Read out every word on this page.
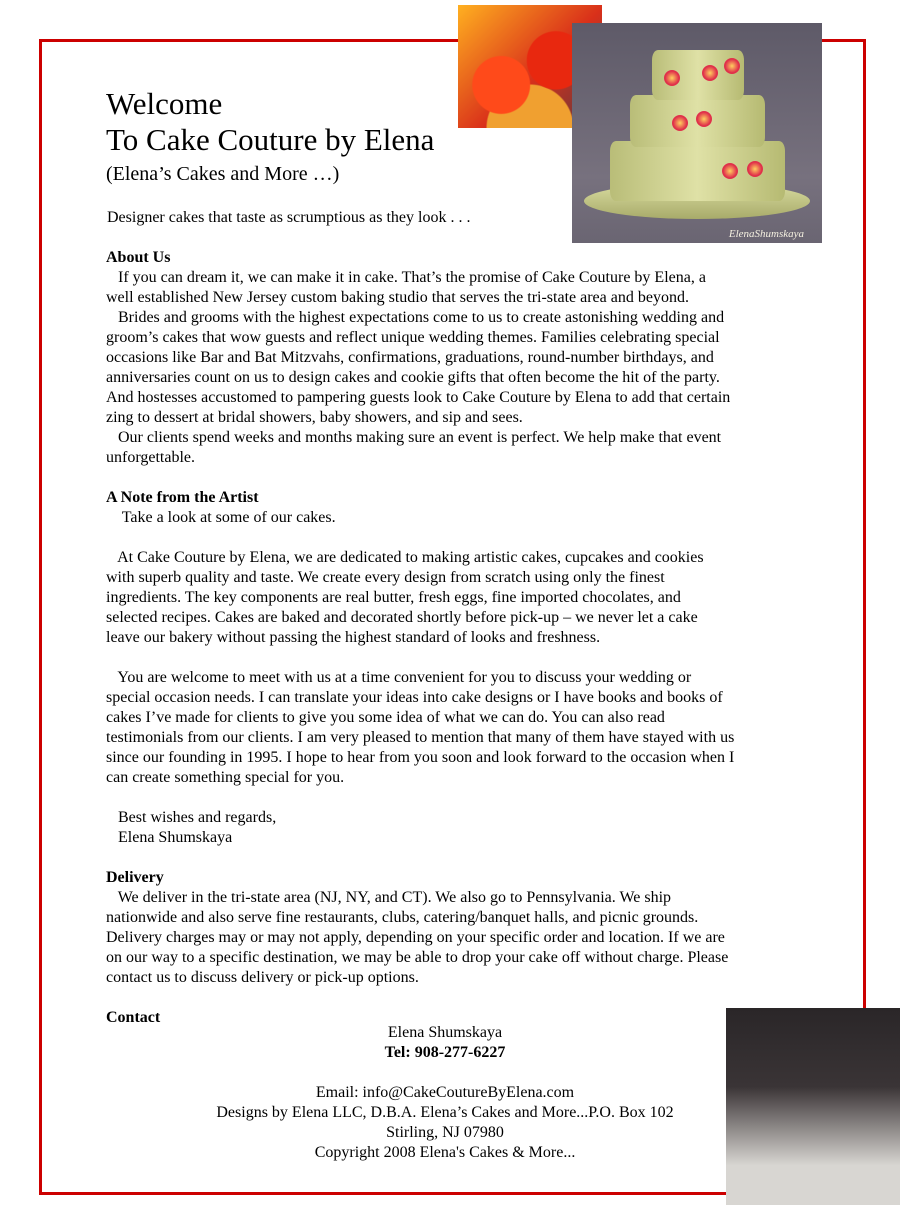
ElenaShumskaya
Welcome
To Cake Couture by Elena
(Elena’s Cakes and More …)
Designer cakes that taste as scrumptious as they look . . .
About Us
If you can dream it, we can make it in cake. That’s the promise of Cake Couture by Elena, a
well established New Jersey custom baking studio that serves the tri-state area and beyond.
Brides and grooms with the highest expectations come to us to create astonishing wedding and
groom’s cakes that wow guests and reflect unique wedding themes. Families celebrating special
occasions like Bar and Bat Mitzvahs, confirmations, graduations, round-number birthdays, and
anniversaries count on us to design cakes and cookie gifts that often become the hit of the party.
And hostesses accustomed to pampering guests look to Cake Couture by Elena to add that certain
zing to dessert at bridal showers, baby showers, and sip and sees.
Our clients spend weeks and months making sure an event is perfect. We help make that event
unforgettable.
A Note from the Artist
Take a look at some of our cakes.
At Cake Couture by Elena, we are dedicated to making artistic cakes, cupcakes and cookies
with superb quality and taste. We create every design from scratch using only the finest
ingredients. The key components are real butter, fresh eggs, fine imported chocolates, and
selected recipes. Cakes are baked and decorated shortly before pick-up – we never let a cake
leave our bakery without passing the highest standard of looks and freshness.
You are welcome to meet with us at a time convenient for you to discuss your wedding or
special occasion needs. I can translate your ideas into cake designs or I have books and books of
cakes I’ve made for clients to give you some idea of what we can do. You can also read
testimonials from our clients. I am very pleased to mention that many of them have stayed with us
since our founding in 1995. I hope to hear from you soon and look forward to the occasion when I
can create something special for you.
Best wishes and regards,
Elena Shumskaya
Delivery
We deliver in the tri-state area (NJ, NY, and CT). We also go to Pennsylvania. We ship
nationwide and also serve fine restaurants, clubs, catering/banquet halls, and picnic grounds.
Delivery charges may or may not apply, depending on your specific order and location. If we are
on our way to a specific destination, we may be able to drop your cake off without charge. Please
contact us to discuss delivery or pick-up options.
Contact
Elena Shumskaya
Tel: 908-277-6227
Email: info@CakeCoutureByElena.com
Designs by Elena LLC, D.B.A. Elena’s Cakes and More...P.O. Box 102
Stirling, NJ 07980
Copyright 2008 Elena's Cakes & More...
